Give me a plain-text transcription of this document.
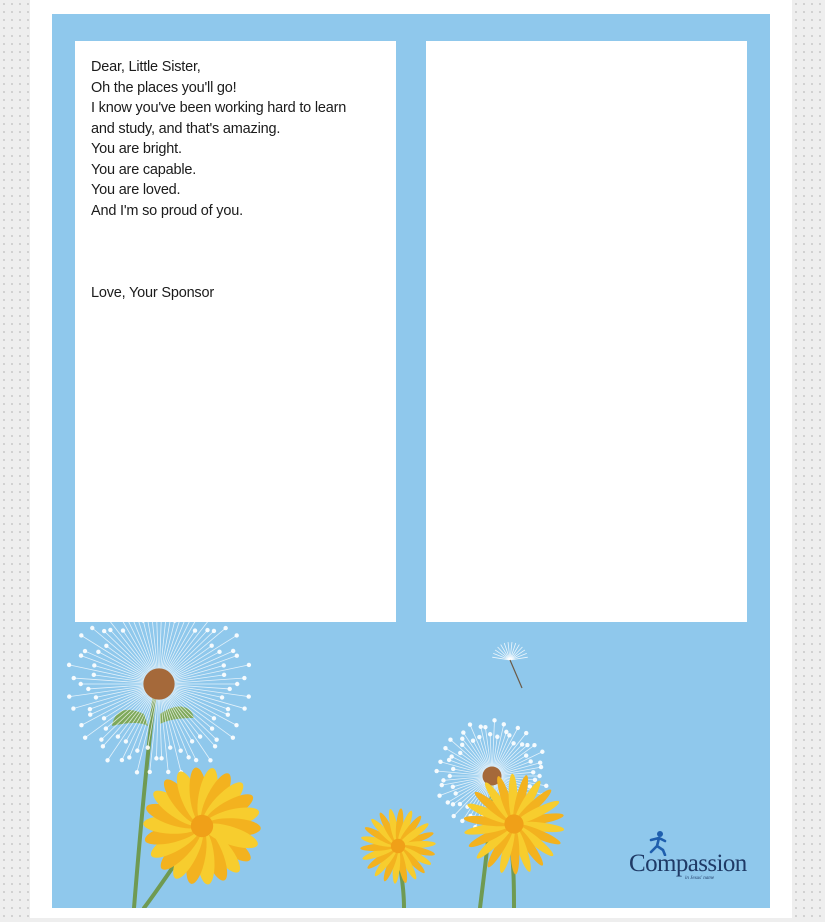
Dear, Little Sister,
Oh the places you'll go!
I know you've been working hard to learn
and study, and that's amazing.
You are bright.
You are capable.
You are loved.
And I'm so proud of you.
Love, Your Sponsor
Compassion
in Jesus' name
